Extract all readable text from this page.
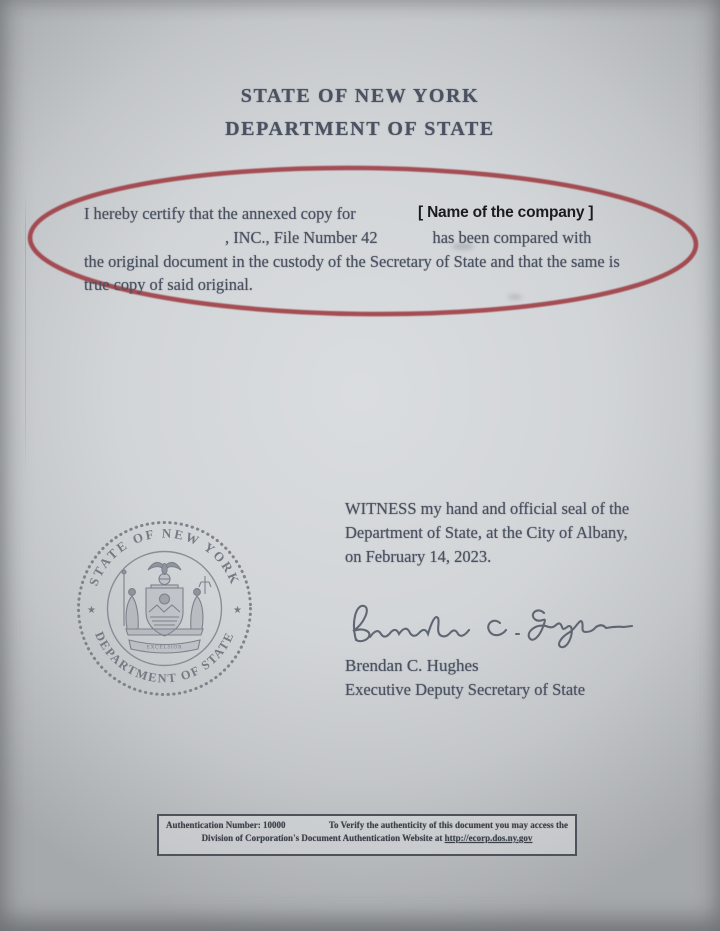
STATE OF NEW YORK
DEPARTMENT OF STATE
I hereby certify that the annexed copy for
, INC., File Number 42	has been compared with
the original document in the custody of the Secretary of State and that the same is
true copy of said original.
[ Name of the company ]
WITNESS my hand and official seal of the
Department of State, at the City of Albany,
on February 14, 2023.
Brendan C. Hughes
Executive Deputy Secretary of State
STATE OF NEW YORK
DEPARTMENT OF STATE
★	★
EXCELSIOR
Authentication Number: 10000	To Verify the authenticity of this document you may access the
Division of Corporation's Document Authentication Website at http://ecorp.dos.ny.gov
